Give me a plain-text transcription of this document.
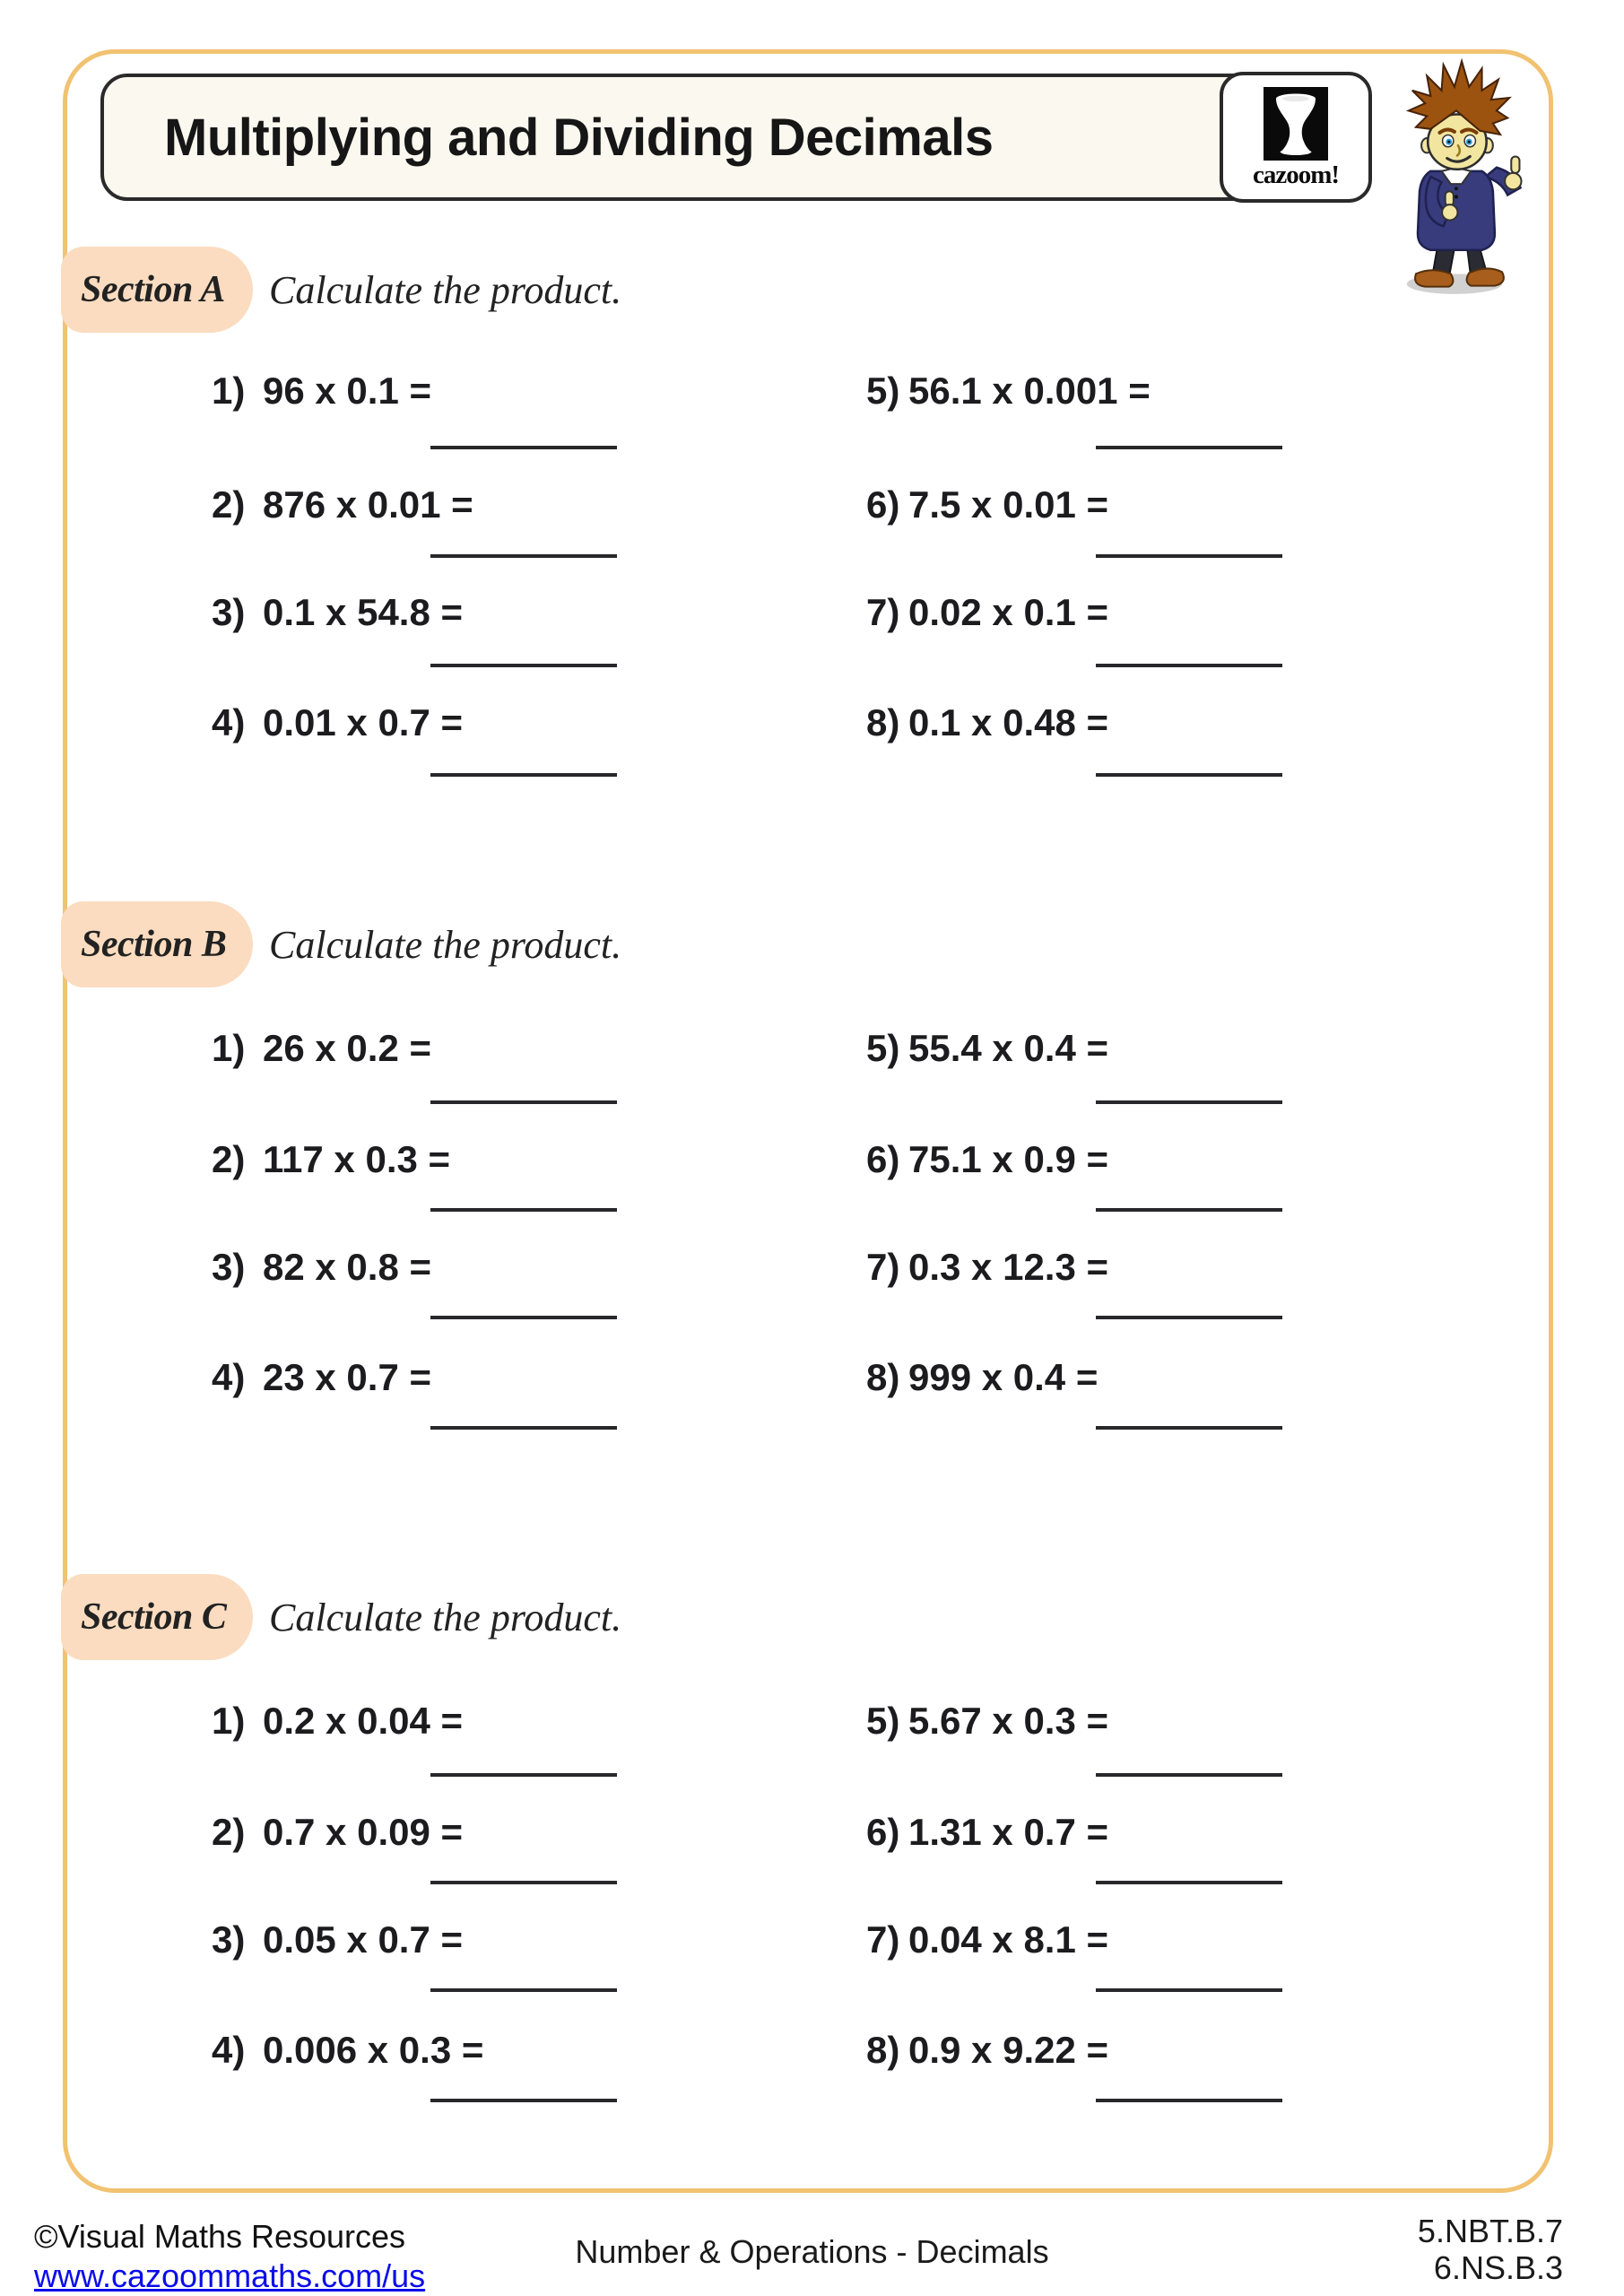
Multiplying and Dividing Decimals
cazoom!
Section A Calculate the product.
1) 96 x 0.1 =
2) 876 x 0.01 =
3) 0.1 x 54.8 =
4) 0.01 x 0.7 =
5) 56.1 x 0.001 =
6) 7.5 x 0.01 =
7) 0.02 x 0.1 =
8) 0.1 x 0.48 =
Section B Calculate the product.
1) 26 x 0.2 =
2) 117 x 0.3 =
3) 82 x 0.8 =
4) 23 x 0.7 =
5) 55.4 x 0.4 =
6) 75.1 x 0.9 =
7) 0.3 x 12.3 =
8) 999 x 0.4 =
Section C Calculate the product.
1) 0.2 x 0.04 =
2) 0.7 x 0.09 =
3) 0.05 x 0.7 =
4) 0.006 x 0.3 =
5) 5.67 x 0.3 =
6) 1.31 x 0.7 =
7) 0.04 x 8.1 =
8) 0.9 x 9.22 =
©Visual Maths Resources
www.cazoommaths.com/us
Number & Operations - Decimals
5.NBT.B.7
6.NS.B.3
